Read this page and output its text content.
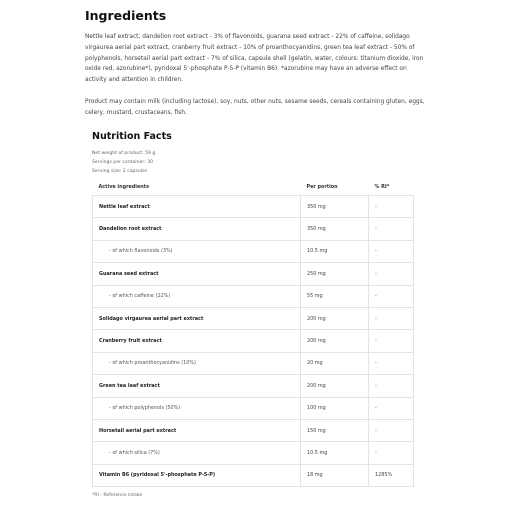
Ingredients

Nettle leaf extract, dandelion root extract - 3% of flavonoids, guarana seed extract - 22% of caffeine, solidago virgaurea aerial part extract, cranberry fruit extract - 10% of proanthocyanidins, green tea leaf extract - 50% of polyphenols, horsetail aerial part extract - 7% of silica, capsule shell (gelatin, water, colours: titanium dioxide, iron oxide red, azorubine*), pyridoxal 5'-phosphate P-5-P (vitamin B6). *azorubine may have an adverse effect on activity and attention in children.

Product may contain milk (including lactose), soy, nuts, other nuts, sesame seeds, cereals containing gluten, eggs, celery, mustard, crustaceans, fish.

Nutrition Facts
Net weight of product: 59 g
Servings per container: 30
Serving size: 2 capsules
Active ingredients	Per portion	% RI*
Nettle leaf extract	350 mg	-
Dandelion root extract	350 mg	-
- of which flavonoids (3%)	10.5 mg	-
Guarana seed extract	250 mg	-
- of which caffeine (22%)	55 mg	-
Solidago virgaurea aerial part extract	200 mg	-
Cranberry fruit extract	200 mg	-
- of which proanthocyanidins (10%)	20 mg	-
Green tea leaf extract	200 mg	-
- of which polyphenols (50%)	100 mg	-
Horsetail aerial part extract	150 mg	-
- of which silica (7%)	10.5 mg	-
Vitamin B6 (pyridoxal 5'-phosphate P-5-P)	18 mg	1285%
*RI - Reference intake
